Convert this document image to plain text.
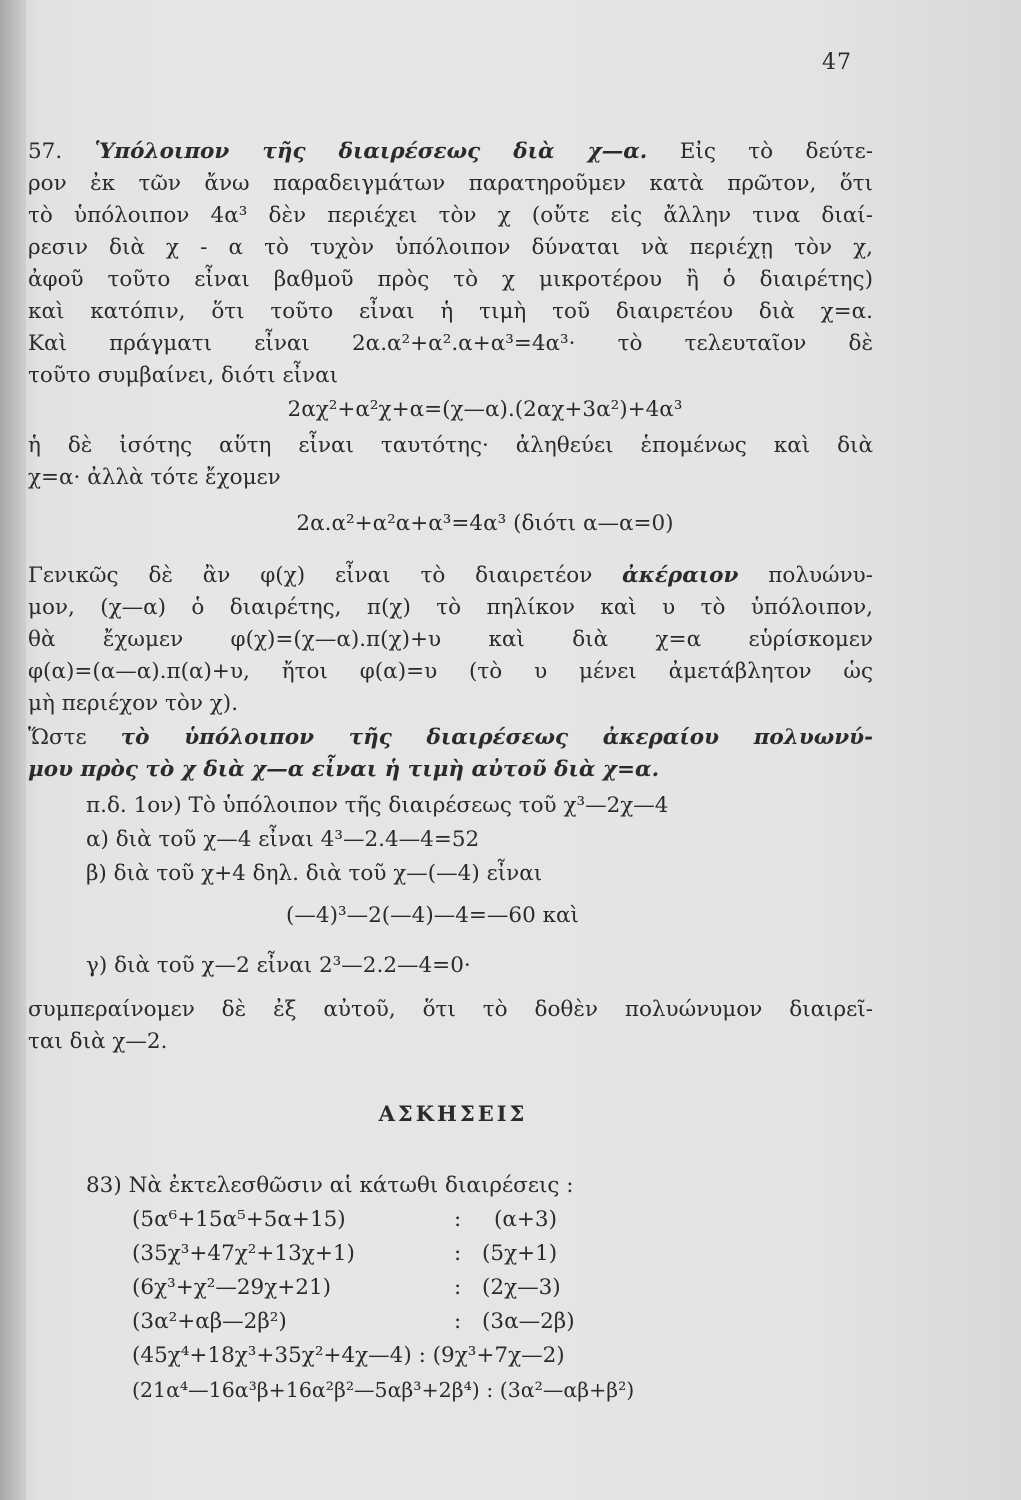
47
57. Ὑπόλοιπον τῆς διαιρέσεως διὰ χ—α. Εἰς τὸ δεύτε-
ρον ἐκ τῶν ἄνω παραδειγμάτων παρατηροῦμεν κατὰ πρῶτον, ὅτι
τὸ ὑπόλοιπον 4α³ δὲν περιέχει τὸν χ (οὔτε εἰς ἄλλην τινα διαί-
ρεσιν διὰ χ - α τὸ τυχὸν ὑπόλοιπον δύναται νὰ περιέχῃ τὸν χ,
ἀφοῦ τοῦτο εἶναι βαθμοῦ πρὸς τὸ χ μικροτέρου ἢ ὁ διαιρέτης)
καὶ κατόπιν, ὅτι τοῦτο εἶναι ἡ τιμὴ τοῦ διαιρετέου διὰ χ=α.
Καὶ πράγματι εἶναι 2α.α²+α².α+α³=4α³· τὸ τελευταῖον δὲ
τοῦτο συμβαίνει, διότι εἶναι
2αχ²+α²χ+α=(χ—α).(2αχ+3α²)+4α³
ἡ δὲ ἰσότης αὕτη εἶναι ταυτότης· ἀληθεύει ἑπομένως καὶ διὰ
χ=α· ἀλλὰ τότε ἔχομεν
2α.α²+α²α+α³=4α³ (διότι α—α=0)
Γενικῶς δὲ ἂν φ(χ) εἶναι τὸ διαιρετέον ἀκέραιον πολυώνυ-
μον, (χ—α) ὁ διαιρέτης, π(χ) τὸ πηλίκον καὶ υ τὸ ὑπόλοιπον,
θὰ ἔχωμεν φ(χ)=(χ—α).π(χ)+υ καὶ διὰ χ=α εὑρίσκομεν
φ(α)=(α—α).π(α)+υ, ἤτοι φ(α)=υ (τὸ υ μένει ἀμετάβλητον ὡς
μὴ περιέχον τὸν χ).
Ὥστε τὸ ὑπόλοιπον τῆς διαιρέσεως ἀκεραίου πολυωνύ-
μου πρὸς τὸ χ διὰ χ—α εἶναι ἡ τιμὴ αὐτοῦ διὰ χ=α.
π.δ. 1ον) Τὸ ὑπόλοιπον τῆς διαιρέσεως τοῦ χ³—2χ—4
α) διὰ τοῦ χ—4 εἶναι 4³—2.4—4=52
β) διὰ τοῦ χ+4 δηλ. διὰ τοῦ χ—(—4) εἶναι
(—4)³—2(—4)—4=—60 καὶ
γ) διὰ τοῦ χ—2 εἶναι 2³—2.2—4=0·
συμπεραίνομεν δὲ ἐξ αὐτοῦ, ὅτι τὸ δοθὲν πολυώνυμον διαιρεῖ-
ται διὰ χ—2.
ΑΣΚΗΣΕΙΣ
83) Νὰ ἐκτελεσθῶσιν αἱ κάτωθι διαιρέσεις :
(5α⁶+15α⁵+5α+15)	: (α+3)
(35χ³+47χ²+13χ+1)	: (5χ+1)
(6χ³+χ²—29χ+21)	: (2χ—3)
(3α²+αβ—2β²)	: (3α—2β)
(45χ⁴+18χ³+35χ²+4χ—4) : (9χ³+7χ—2)
(21α⁴—16α³β+16α²β²—5αβ³+2β⁴) : (3α²—αβ+β²)
